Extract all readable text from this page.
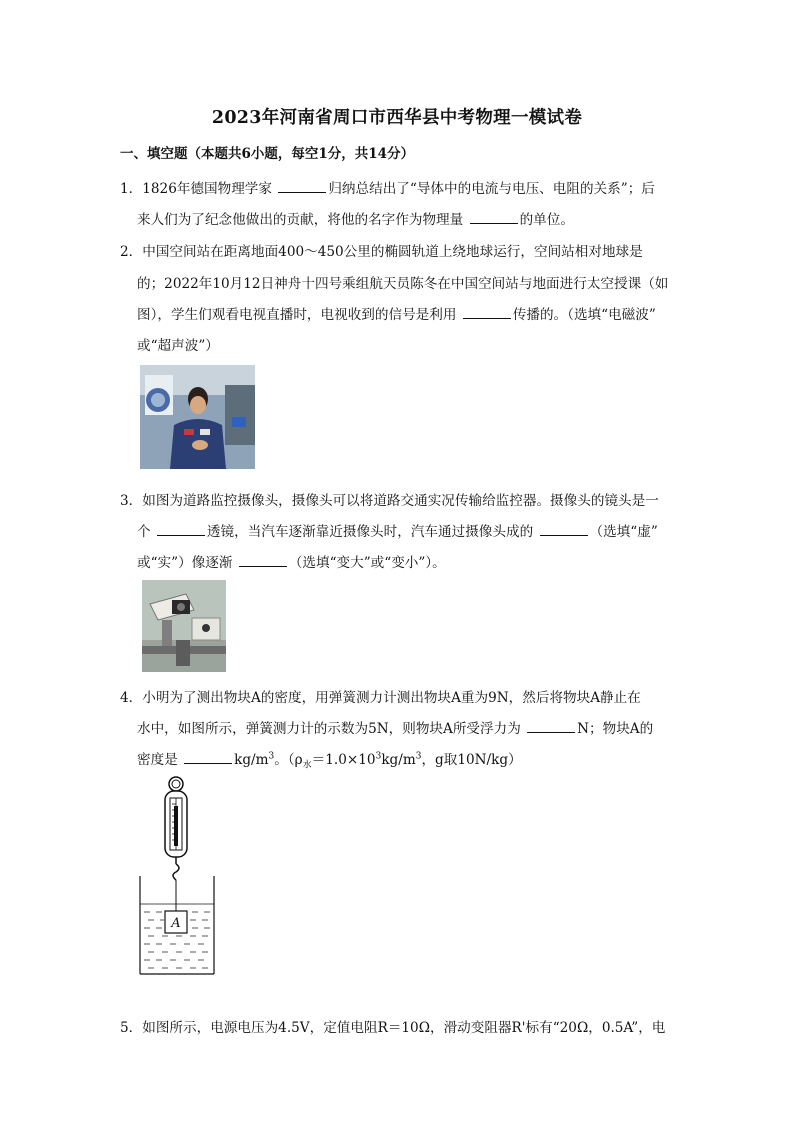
2023年河南省周口市西华县中考物理一模试卷
一、填空题（本题共6小题，每空1分，共14分）
1．1826年德国物理学家	归纳总结出了“导体中的电流与电压、电阻的关系”；后
来人们为了纪念他做出的贡献，将他的名字作为物理量	的单位。
2．中国空间站在距离地面400～450公里的椭圆轨道上绕地球运行，空间站相对地球是
的；2022年10月12日神舟十四号乘组航天员陈冬在中国空间站与地面进行太空授课（如
图），学生们观看电视直播时，电视收到的信号是利用	传播的。（选填“电磁波”
或“超声波”）
3．如图为道路监控摄像头，摄像头可以将道路交通实况传输给监控器。摄像头的镜头是一
个	透镜，当汽车逐渐靠近摄像头时，汽车通过摄像头成的	（选填“虚”
或“实”）像逐渐	（选填“变大”或“变小”）。
4．小明为了测出物块A的密度，用弹簧测力计测出物块A重为9N，然后将物块A静止在
水中，如图所示，弹簧测力计的示数为5N，则物块A所受浮力为	N；物块A的
密度是	$kg/m^3$。（$\rho_水=1.0\times 10^3kg/m^3$，g取10N/kg）
A
5．如图所示，电源电压为4.5V，定值电阻R＝10Ω，滑动变阻器R'标有“20Ω，0.5A”，电
